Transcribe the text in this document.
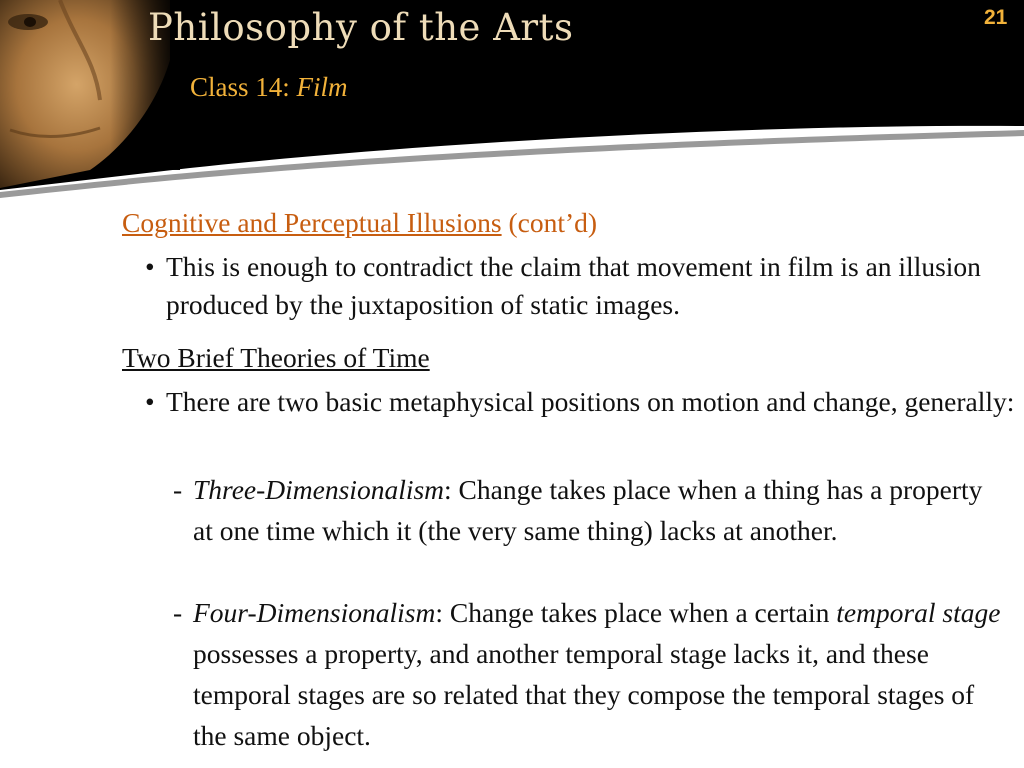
Philosophy of the Arts
Class 14: Film
21
Cognitive and Perceptual Illusions (cont’d)
• This is enough to contradict the claim that movement in film is an illusion produced by the juxtaposition of static images.
Two Brief Theories of Time
• There are two basic metaphysical positions on motion and change, generally:
- Three-Dimensionalism: Change takes place when a thing has a property at one time which it (the very same thing) lacks at another.
- Four-Dimensionalism: Change takes place when a certain temporal stage possesses a property, and another temporal stage lacks it, and these temporal stages are so related that they compose the temporal stages of the same object.
